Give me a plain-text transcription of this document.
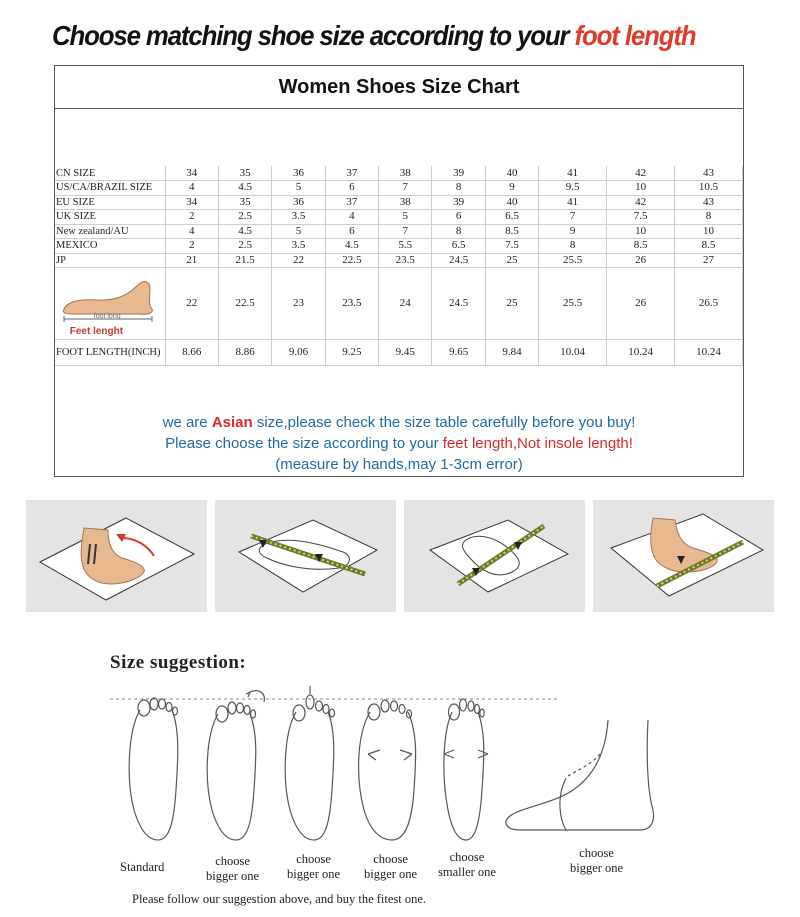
Choose matching shoe size according to your foot length
Women Shoes Size Chart
CN SIZE	34	35	36	37	38	39	40	41	42	43
US/CA/BRAZIL SIZE	4	4.5	5	6	7	8	9	9.5	10	10.5
EU SIZE	34	35	36	37	38	39	40	41	42	43
UK SIZE	2	2.5	3.5	4	5	6	6.5	7	7.5	8
New zealand/AU	4	4.5	5	6	7	8	8.5	9	10	10
MEXICO	2	2.5	3.5	4.5	5.5	6.5	7.5	8	8.5	8.5
JP	21	21.5	22	22.5	23.5	24.5	25	25.5	26	27

foot long
Feet lenght	22	22.5	23	23.5	24	24.5	25	25.5	26	26.5
FOOT LENGTH(INCH)	8.66	8.86	9.06	9.25	9.45	9.65	9.84	10.04	10.24	10.24
we are Asian size,please check the size table carefully before you buy!
Please choose the size according to your feet length,Not insole length!
(measure by hands,may 1-3cm error)
Size suggestion:
Standard	choose
bigger one
choose
bigger one
choose
bigger one
choose
smaller one
choose
bigger one
Please follow our suggestion above, and buy the fitest one.
